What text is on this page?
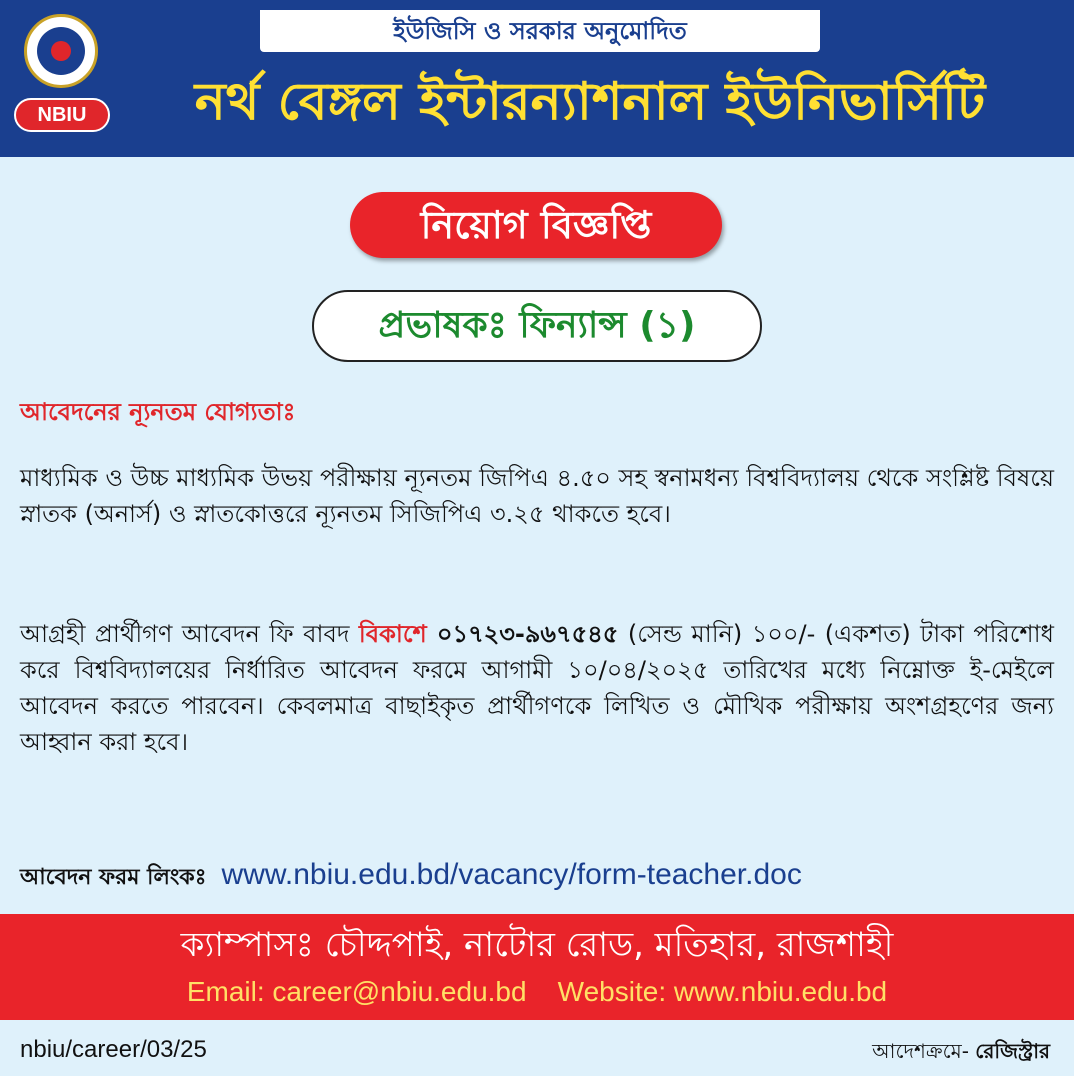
NBIU
ইউজিসি ও সরকার অনুমোদিত
নর্থ বেঙ্গল ইন্টারন্যাশনাল ইউনিভার্সিটি
নিয়োগ বিজ্ঞপ্তি
প্রভাষকঃ ফিন্যান্স (১)
আবেদনের ন্যূনতম যোগ্যতাঃ
মাধ্যমিক ও উচ্চ মাধ্যমিক উভয় পরীক্ষায় ন্যূনতম জিপিএ ৪.৫০ সহ স্বনামধন্য বিশ্ববিদ্যালয় থেকে সংশ্লিষ্ট বিষয়ে স্নাতক (অনার্স) ও স্নাতকোত্তরে ন্যূনতম সিজিপিএ ৩.২৫ থাকতে হবে।
আগ্রহী প্রার্থীগণ আবেদন ফি বাবদ বিকাশে ০১৭২৩-৯৬৭৫৪৫ (সেন্ড মানি) ১০০/- (একশত) টাকা পরিশোধ করে বিশ্ববিদ্যালয়ের নির্ধারিত আবেদন ফরমে আগামী ১০/০৪/২০২৫ তারিখের মধ্যে নিম্নোক্ত ই-মেইলে আবেদন করতে পারবেন। কেবলমাত্র বাছাইকৃত প্রার্থীগণকে লিখিত ও মৌখিক পরীক্ষায় অংশগ্রহণের জন্য আহ্বান করা হবে।
আবেদন ফরম লিংকঃ www.nbiu.edu.bd/vacancy/form-teacher.doc
ক্যাম্পাসঃ চৌদ্দপাই, নাটোর রোড, মতিহার, রাজশাহী
Email: career@nbiu.edu.bd    Website: www.nbiu.edu.bd
nbiu/career/03/25	আদেশক্রমে- রেজিস্ট্রার
